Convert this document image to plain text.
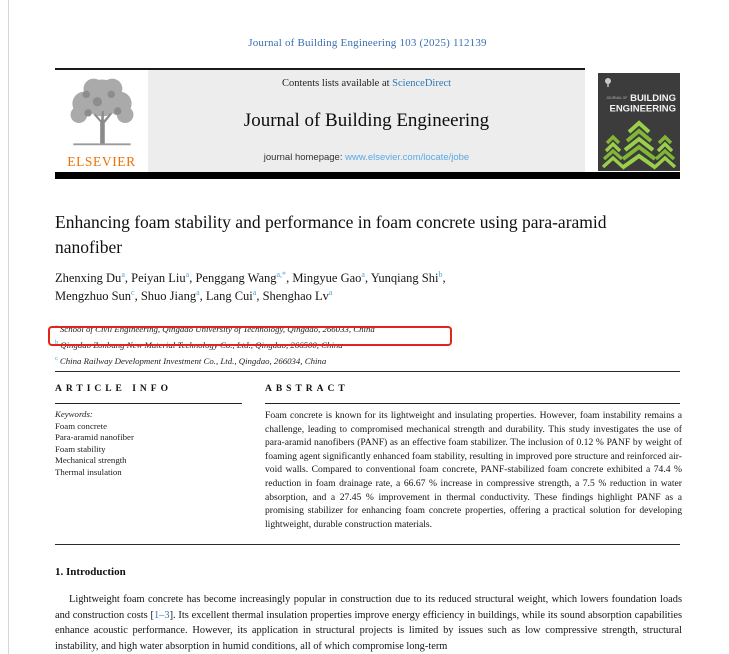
Journal of Building Engineering 103 (2025) 112139
ELSEVIER
Contents lists available at ScienceDirect
Journal of Building Engineering
journal homepage: www.elsevier.com/locate/jobe
JOURNAL OF BUILDING
ENGINEERING
Enhancing foam stability and performance in foam concrete using para-aramid nanofiber
Zhenxing Du$^a$, Peiyan Liu$^a$, Penggang Wang$^{a,*}$, Mingyue Gao$^a$, Yunqiang Shi$^b$,
Mengzhuo Sun$^c$, Shuo Jiang$^a$, Lang Cui$^a$, Shenghao Lv$^a$
$^a$ School of Civil Engineering, Qingdao University of Technology, Qingdao, 266033, China
$^b$ Qingdao Zonbang New Material Technology Co., Ltd., Qingdao, 266500, China
$^c$ China Railway Development Investment Co., Ltd., Qingdao, 266034, China
ARTICLE INFO	ABSTRACT
Keywords:
Foam concrete
Para-aramid nanofiber
Foam stability
Mechanical strength
Thermal insulation
Foam concrete is known for its lightweight and insulating properties. However, foam instability remains a challenge, leading to compromised mechanical strength and durability. This study investigates the use of para-aramid nanofibers (PANF) as an effective foam stabilizer. The inclusion of 0.12 % PANF by weight of foaming agent significantly enhanced foam stability, resulting in improved pore structure and reinforced air-void walls. Compared to conventional foam concrete, PANF-stabilized foam concrete exhibited a 74.4 % reduction in foam drainage rate, a 66.67 % increase in compressive strength, a 7.5 % reduction in water absorption, and a 27.45 % improvement in thermal conductivity. These findings highlight PANF as a promising stabilizer for enhancing foam concrete properties, offering a practical solution for developing lightweight, durable construction materials.
1. Introduction
Lightweight foam concrete has become increasingly popular in construction due to its reduced structural weight, which lowers foundation loads and construction costs [1–3]. Its excellent thermal insulation properties improve energy efficiency in buildings, while its sound absorption capabilities enhance acoustic performance. However, its application in structural projects is limited by issues such as low compressive strength, structural instability, and high water absorption in humid conditions, all of which compromise long-term
